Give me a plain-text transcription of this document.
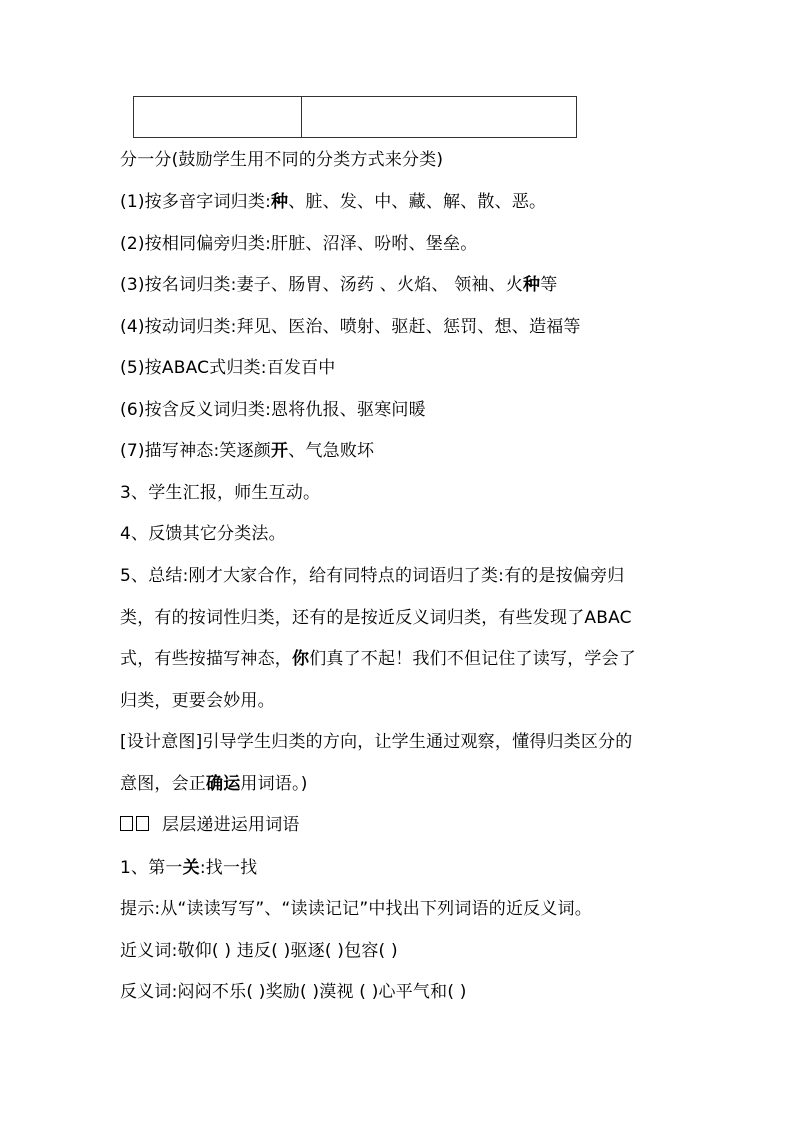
分一分(鼓励学生用不同的分类方式来分类)
(1)按多音字词归类:种、脏、发、中、藏、解、散、恶。
(2)按相同偏旁归类:肝脏、沼泽、吩咐、堡垒。
(3)按名词归类:妻子、肠胃、汤药 、火焰、 领袖、火种等
(4)按动词归类:拜见、医治、喷射、驱赶、惩罚、想、造福等
(5)按ABAC式归类:百发百中
(6)按含反义词归类:恩将仇报、驱寒问暖
(7)描写神态:笑逐颜开、气急败坏
3、学生汇报，师生互动。
4、反馈其它分类法。
5、总结:刚才大家合作，给有同特点的词语归了类:有的是按偏旁归
类，有的按词性归类，还有的是按近反义词归类，有些发现了ABAC
式，有些按描写神态，你们真了不起！我们不但记住了读写，学会了
归类，更要会妙用。
[设计意图]引导学生归类的方向，让学生通过观察，懂得归类区分的
意图，会正确运用词语。)
层层递进运用词语
1、第一关:找一找
提示:从“读读写写”、“读读记记”中找出下列词语的近反义词。
近义词:敬仰( ) 违反( )驱逐( )包容( )
反义词:闷闷不乐( )奖励( )漠视 ( )心平气和( )
